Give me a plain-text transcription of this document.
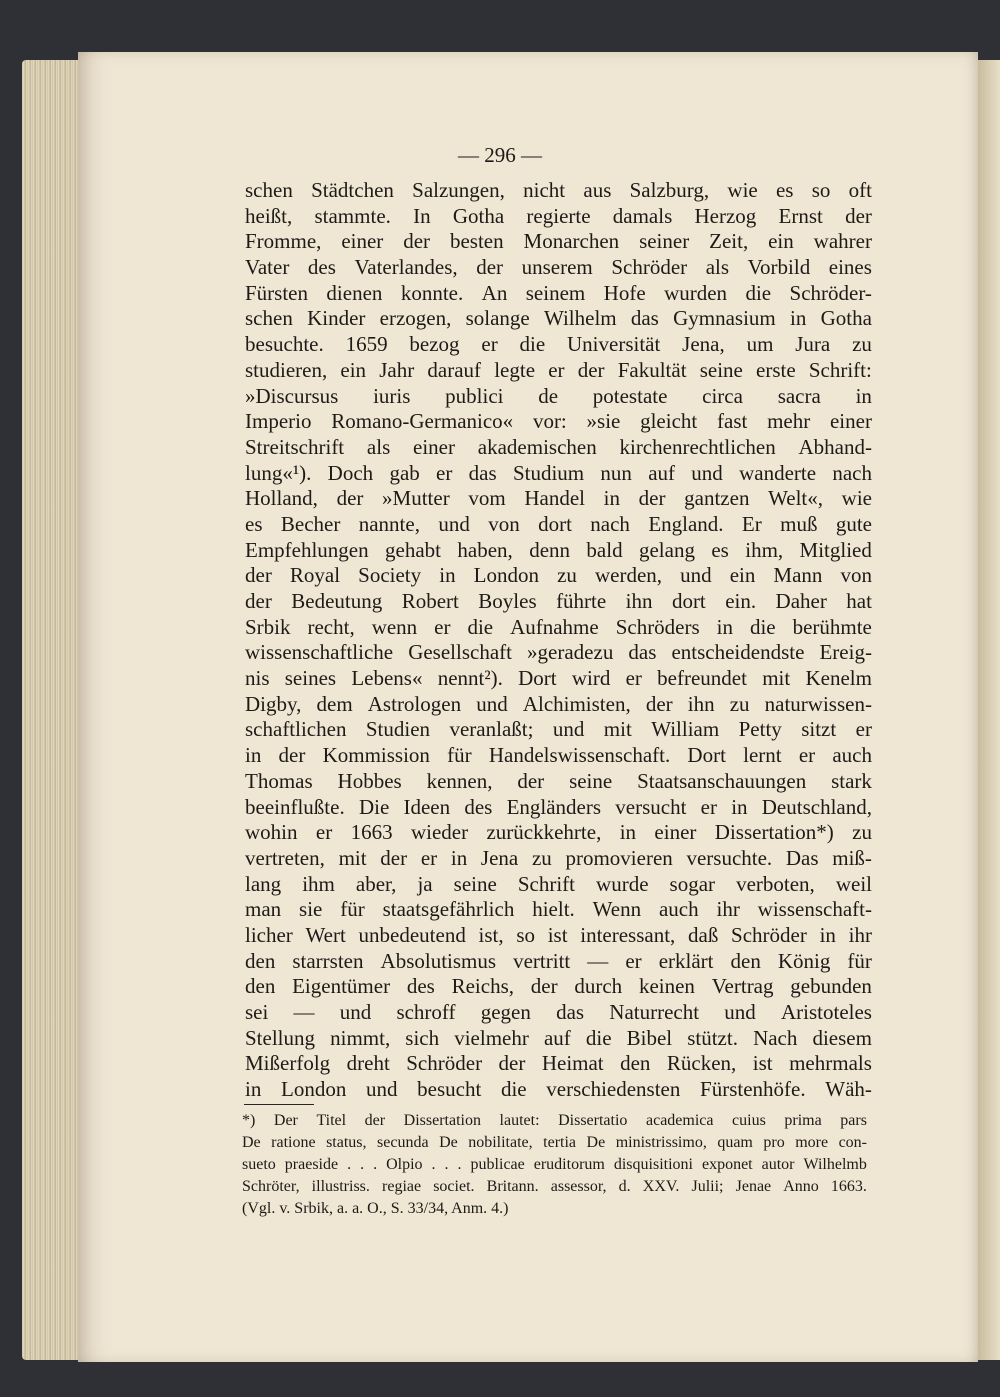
— 296 —
schen Städtchen Salzungen, nicht aus Salzburg, wie es so oft
heißt, stammte. In Gotha regierte damals Herzog Ernst der
Fromme, einer der besten Monarchen seiner Zeit, ein wahrer
Vater des Vaterlandes, der unserem Schröder als Vorbild eines
Fürsten dienen konnte. An seinem Hofe wurden die Schröder-
schen Kinder erzogen, solange Wilhelm das Gymnasium in Gotha
besuchte. 1659 bezog er die Universität Jena, um Jura zu
studieren, ein Jahr darauf legte er der Fakultät seine erste Schrift:
»Discursus iuris publici de potestate circa sacra in
Imperio Romano-Germanico« vor: »sie gleicht fast mehr einer
Streitschrift als einer akademischen kirchenrechtlichen Abhand-
lung«¹). Doch gab er das Studium nun auf und wanderte nach
Holland, der »Mutter vom Handel in der gantzen Welt«, wie
es Becher nannte, und von dort nach England. Er muß gute
Empfehlungen gehabt haben, denn bald gelang es ihm, Mitglied
der Royal Society in London zu werden, und ein Mann von
der Bedeutung Robert Boyles führte ihn dort ein. Daher hat
Srbik recht, wenn er die Aufnahme Schröders in die berühmte
wissenschaftliche Gesellschaft »geradezu das entscheidendste Ereig-
nis seines Lebens« nennt²). Dort wird er befreundet mit Kenelm
Digby, dem Astrologen und Alchimisten, der ihn zu naturwissen-
schaftlichen Studien veranlaßt; und mit William Petty sitzt er
in der Kommission für Handelswissenschaft. Dort lernt er auch
Thomas Hobbes kennen, der seine Staatsanschauungen stark
beeinflußte. Die Ideen des Engländers versucht er in Deutschland,
wohin er 1663 wieder zurückkehrte, in einer Dissertation*) zu
vertreten, mit der er in Jena zu promovieren versuchte. Das miß-
lang ihm aber, ja seine Schrift wurde sogar verboten, weil
man sie für staatsgefährlich hielt. Wenn auch ihr wissenschaft-
licher Wert unbedeutend ist, so ist interessant, daß Schröder in ihr
den starrsten Absolutismus vertritt — er erklärt den König für
den Eigentümer des Reichs, der durch keinen Vertrag gebunden
sei — und schroff gegen das Naturrecht und Aristoteles
Stellung nimmt, sich vielmehr auf die Bibel stützt. Nach diesem
Mißerfolg dreht Schröder der Heimat den Rücken, ist mehrmals
in London und besucht die verschiedensten Fürstenhöfe. Wäh-
*) Der Titel der Dissertation lautet: Dissertatio academica cuius prima pars
De ratione status, secunda De nobilitate, tertia De ministrissimo, quam pro more con-
sueto praeside . . . Olpio . . . publicae eruditorum disquisitioni exponet autor Wilhelmb
Schröter, illustriss. regiae societ. Britann. assessor, d. XXV. Julii; Jenae Anno 1663.
(Vgl. v. Srbik, a. a. O., S. 33/34, Anm. 4.)
